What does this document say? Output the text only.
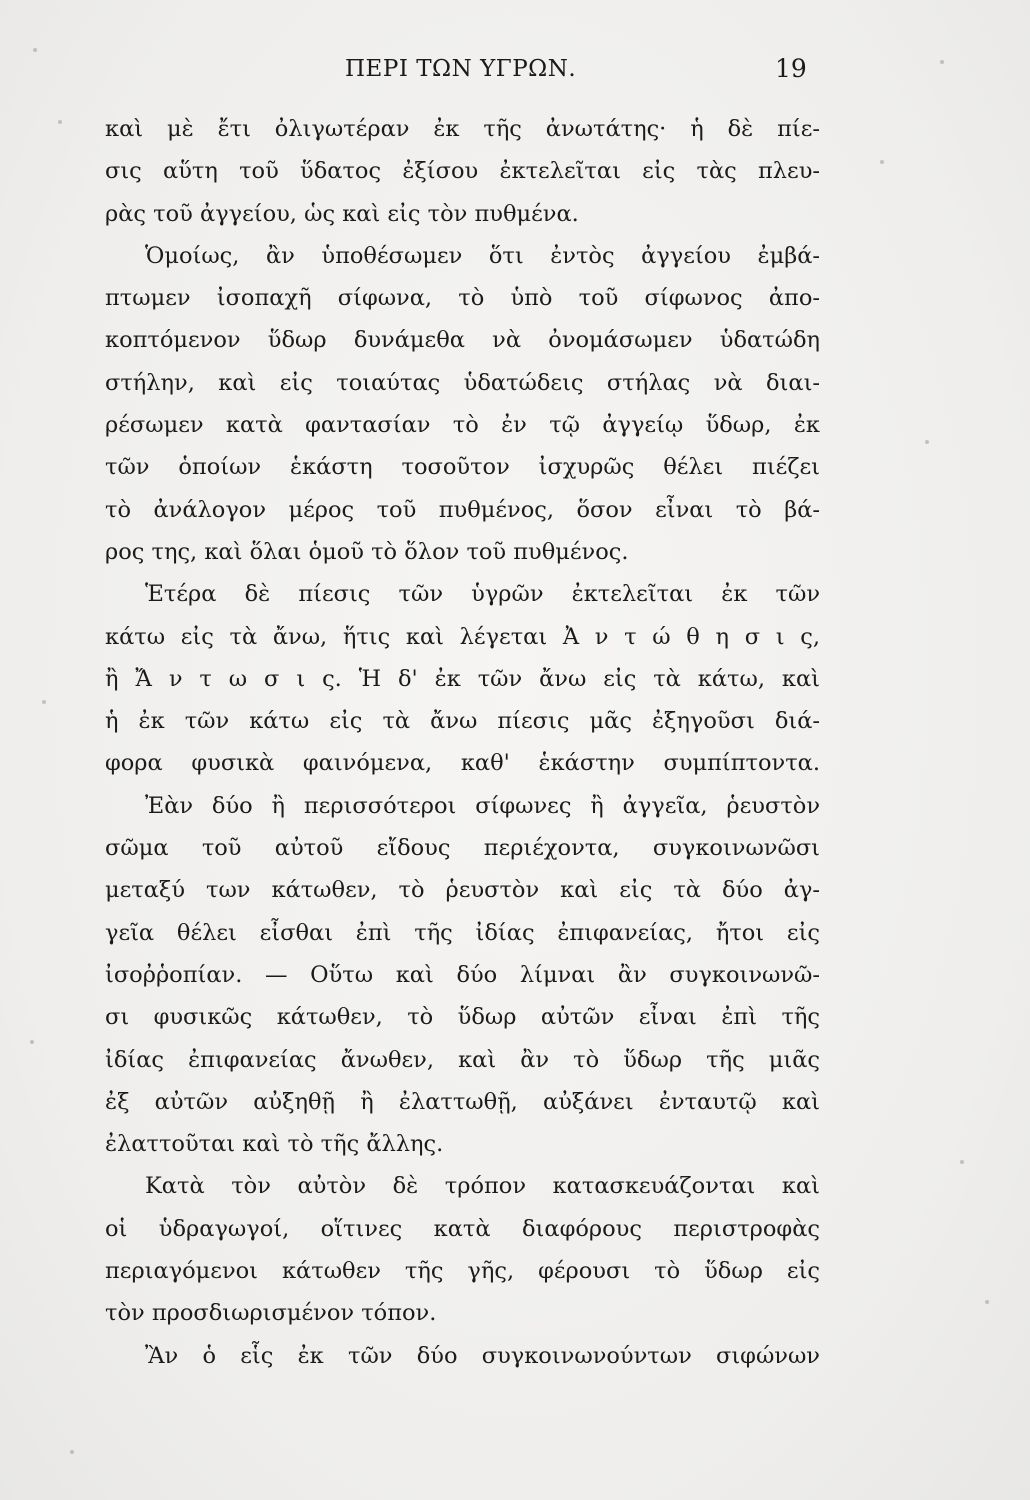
ΠΕΡΙ ΤΩΝ ΥΓΡΩΝ.	19
καὶ μὲ ἔτι ὀλιγωτέραν ἐκ τῆς ἀνωτάτης· ἡ δὲ πίε-
σις αὕτη τοῦ ὕδατος ἐξίσου ἐκτελεῖται εἰς τὰς πλευ-
ρὰς τοῦ ἀγγείου, ὡς καὶ εἰς τὸν πυθμένα.
Ὁμοίως, ἂν ὑποθέσωμεν ὅτι ἐντὸς ἀγγείου ἐμβά-
πτωμεν ἰσοπαχῆ σίφωνα, τὸ ὑπὸ τοῦ σίφωνος ἀπο-
κοπτόμενον ὕδωρ δυνάμεθα νὰ ὀνομάσωμεν ὑδατώδη
στήλην, καὶ εἰς τοιαύτας ὑδατώδεις στήλας νὰ διαι-
ρέσωμεν κατὰ φαντασίαν τὸ ἐν τῷ ἀγγείῳ ὕδωρ, ἐκ
τῶν ὁποίων ἑκάστη τοσοῦτον ἰσχυρῶς θέλει πιέζει
τὸ ἀνάλογον μέρος τοῦ πυθμένος, ὅσον εἶναι τὸ βά-
ρος της, καὶ ὅλαι ὁμοῦ τὸ ὅλον τοῦ πυθμένος.
Ἑτέρα δὲ πίεσις τῶν ὑγρῶν ἐκτελεῖται ἐκ τῶν
κάτω εἰς τὰ ἄνω, ἥτις καὶ λέγεται Ἀ ν τ ώ θ η σ ι ς,
ἢ Ἄ ν τ ω σ ι ς. Ἡ δ' ἐκ τῶν ἄνω εἰς τὰ κάτω, καὶ
ἡ ἐκ τῶν κάτω εἰς τὰ ἄνω πίεσις μᾶς ἐξηγοῦσι διά-
φορα φυσικὰ φαινόμενα, καθ' ἑκάστην συμπίπτοντα.
Ἐὰν δύο ἢ περισσότεροι σίφωνες ἢ ἀγγεῖα, ῥευστὸν
σῶμα τοῦ αὐτοῦ εἴδους περιέχοντα, συγκοινωνῶσι
μεταξύ των κάτωθεν, τὸ ῥευστὸν καὶ εἰς τὰ δύο ἀγ-
γεῖα θέλει εἶσθαι ἐπὶ τῆς ἰδίας ἐπιφανείας, ἤτοι εἰς
ἰσοῤῥοπίαν. — Οὕτω καὶ δύο λίμναι ἂν συγκοινωνῶ-
σι φυσικῶς κάτωθεν, τὸ ὕδωρ αὐτῶν εἶναι ἐπὶ τῆς
ἰδίας ἐπιφανείας ἄνωθεν, καὶ ἂν τὸ ὕδωρ τῆς μιᾶς
ἐξ αὐτῶν αὐξηθῇ ἢ ἐλαττωθῇ, αὐξάνει ἐνταυτῷ καὶ
ἐλαττοῦται καὶ τὸ τῆς ἄλλης.
Κατὰ τὸν αὐτὸν δὲ τρόπον κατασκευάζονται καὶ
οἱ ὑδραγωγοί, οἵτινες κατὰ διαφόρους περιστροφὰς
περιαγόμενοι κάτωθεν τῆς γῆς, φέρουσι τὸ ὕδωρ εἰς
τὸν προσδιωρισμένον τόπον.
Ἂν ὁ εἷς ἐκ τῶν δύο συγκοινωνούντων σιφώνων
